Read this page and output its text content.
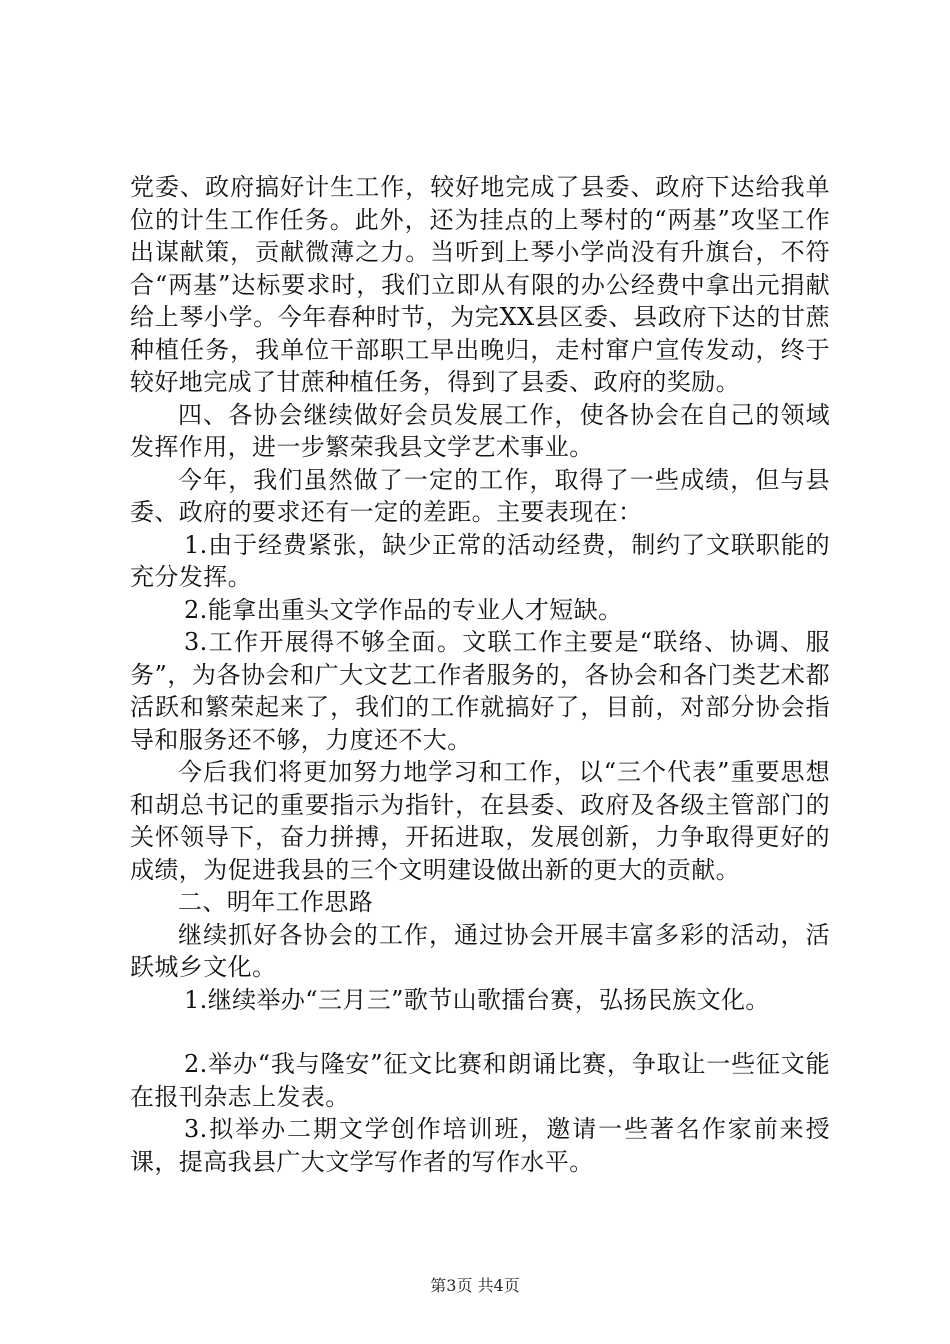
党委、政府搞好计生工作，较好地完成了县委、政府下达给我单位的计生工作任务。此外，还为挂点的上琴村的“两基”攻坚工作出谋献策，贡献微薄之力。当听到上琴小学尚没有升旗台，不符合“两基”达标要求时，我们立即从有限的办公经费中拿出元捐献给上琴小学。今年春种时节，为完XX县区委、县政府下达的甘蔗种植任务，我单位干部职工早出晚归，走村窜户宣传发动，终于较好地完成了甘蔗种植任务，得到了县委、政府的奖励。

四、各协会继续做好会员发展工作，使各协会在自己的领域发挥作用，进一步繁荣我县文学艺术事业。

今年，我们虽然做了一定的工作，取得了一些成绩，但与县委、政府的要求还有一定的差距。主要表现在：

1.由于经费紧张，缺少正常的活动经费，制约了文联职能的充分发挥。

2.能拿出重头文学作品的专业人才短缺。

3.工作开展得不够全面。文联工作主要是“联络、协调、服务”，为各协会和广大文艺工作者服务的，各协会和各门类艺术都活跃和繁荣起来了，我们的工作就搞好了，目前，对部分协会指导和服务还不够，力度还不大。

今后我们将更加努力地学习和工作，以“三个代表”重要思想和胡总书记的重要指示为指针，在县委、政府及各级主管部门的关怀领导下，奋力拼搏，开拓进取，发展创新，力争取得更好的成绩，为促进我县的三个文明建设做出新的更大的贡献。

二、明年工作思路

继续抓好各协会的工作，通过协会开展丰富多彩的活动，活跃城乡文化。

1.继续举办“三月三”歌节山歌擂台赛，弘扬民族文化。

2.举办“我与隆安”征文比赛和朗诵比赛，争取让一些征文能在报刊杂志上发表。

3.拟举办二期文学创作培训班，邀请一些著名作家前来授课，提高我县广大文学写作者的写作水平。

第3页 共4页
